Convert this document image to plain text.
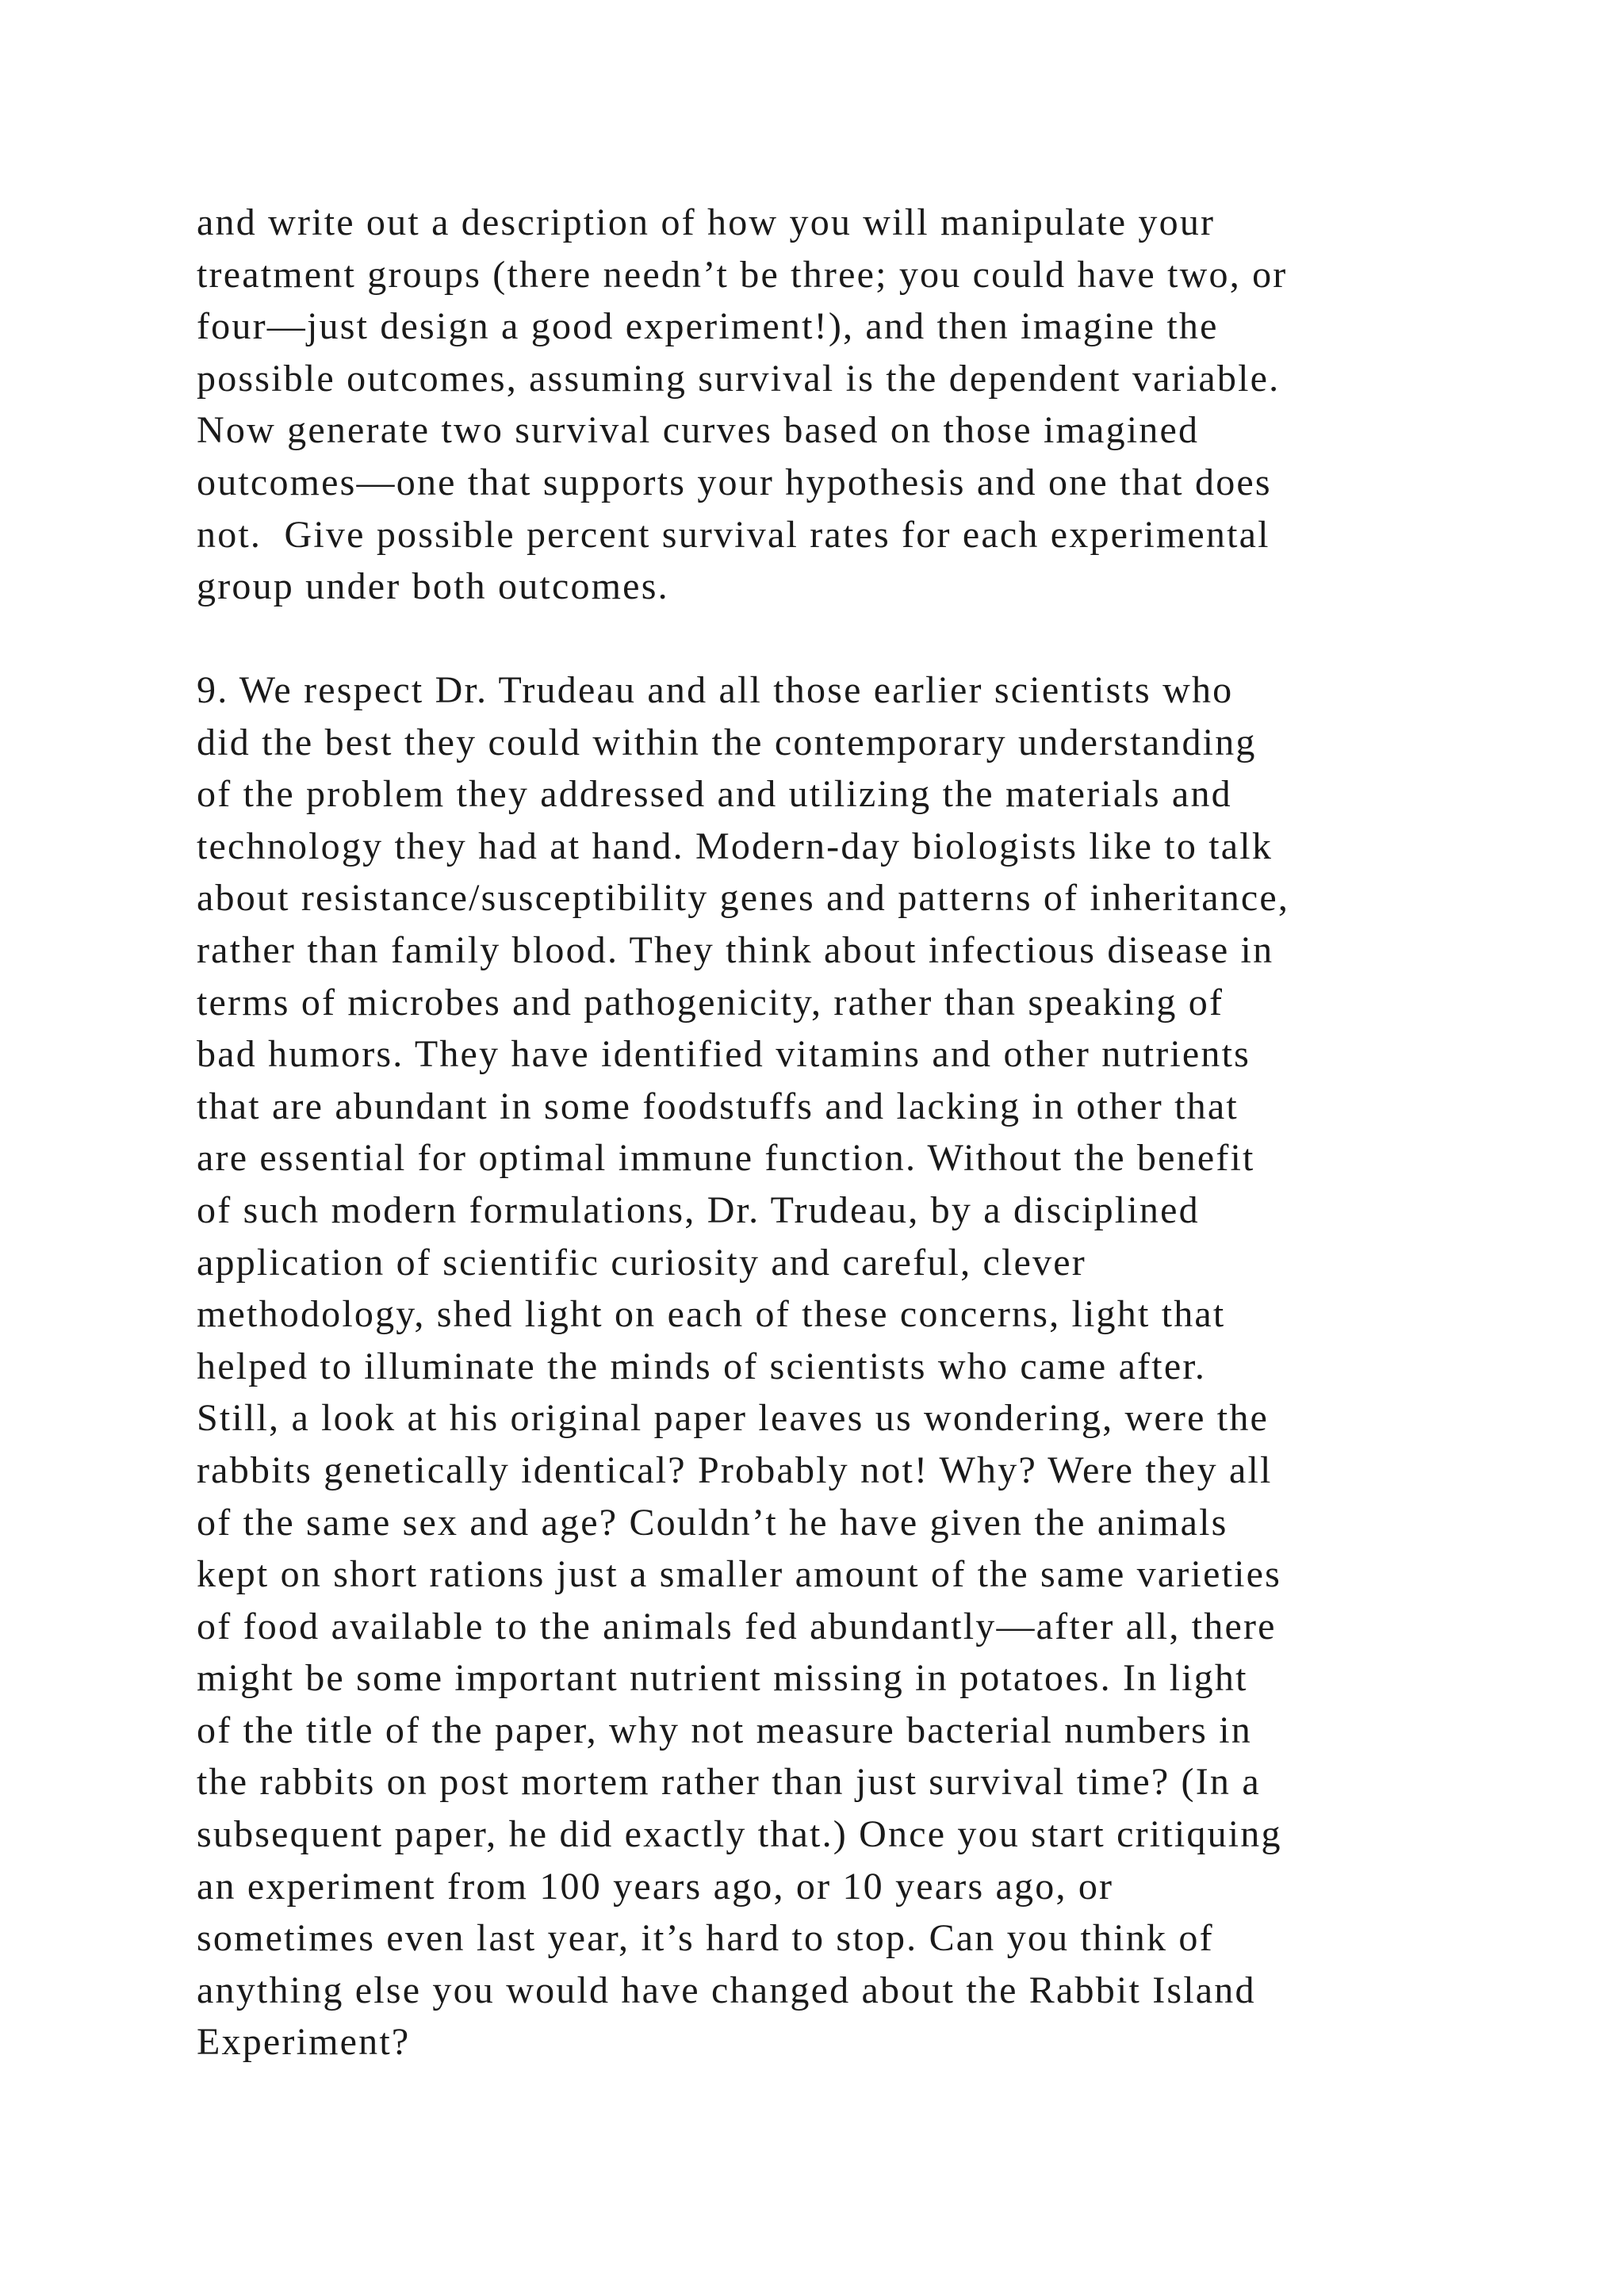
and write out a description of how you will manipulate your
treatment groups (there needn’t be three; you could have two, or
four—just design a good experiment!), and then imagine the
possible outcomes, assuming survival is the dependent variable.
Now generate two survival curves based on those imagined
outcomes—one that supports your hypothesis and one that does
not.  Give possible percent survival rates for each experimental
group under both outcomes.

9. We respect Dr. Trudeau and all those earlier scientists who
did the best they could within the contemporary understanding
of the problem they addressed and utilizing the materials and
technology they had at hand. Modern-day biologists like to talk
about resistance/susceptibility genes and patterns of inheritance,
rather than family blood. They think about infectious disease in
terms of microbes and pathogenicity, rather than speaking of
bad humors. They have identified vitamins and other nutrients
that are abundant in some foodstuffs and lacking in other that
are essential for optimal immune function. Without the benefit
of such modern formulations, Dr. Trudeau, by a disciplined
application of scientific curiosity and careful, clever
methodology, shed light on each of these concerns, light that
helped to illuminate the minds of scientists who came after.
Still, a look at his original paper leaves us wondering, were the
rabbits genetically identical? Probably not! Why? Were they all
of the same sex and age? Couldn’t he have given the animals
kept on short rations just a smaller amount of the same varieties
of food available to the animals fed abundantly—after all, there
might be some important nutrient missing in potatoes. In light
of the title of the paper, why not measure bacterial numbers in
the rabbits on post mortem rather than just survival time? (In a
subsequent paper, he did exactly that.) Once you start critiquing
an experiment from 100 years ago, or 10 years ago, or
sometimes even last year, it’s hard to stop. Can you think of
anything else you would have changed about the Rabbit Island
Experiment?
